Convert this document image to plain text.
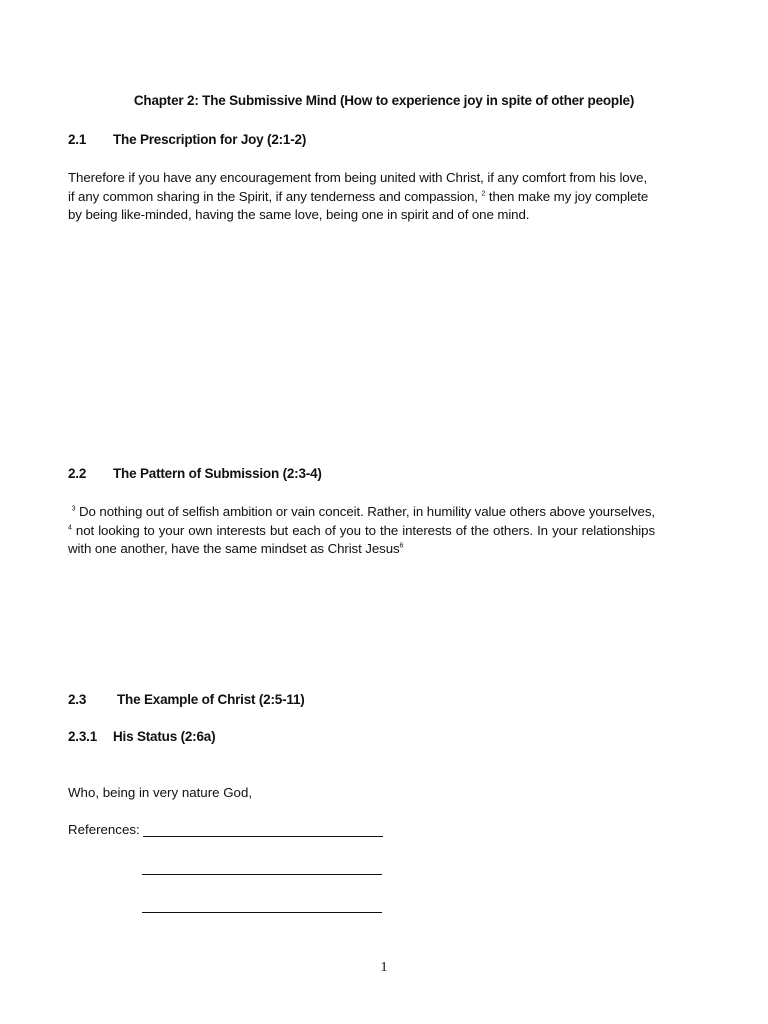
Chapter 2: The Submissive Mind (How to experience joy in spite of other people)
2.1 The Prescription for Joy (2:1-2)
Therefore if you have any encouragement from being united with Christ, if any comfort from his love, if any common sharing in the Spirit, if any tenderness and compassion, $^2$ then make my joy complete by being like-minded, having the same love, being one in spirit and of one mind.
2.2 The Pattern of Submission (2:3-4)
$^3$ Do nothing out of selfish ambition or vain conceit. Rather, in humility value others above yourselves, $^4$ not looking to your own interests but each of you to the interests of the others. In your relationships with one another, have the same mindset as Christ Jesus$^6$
2.3 The Example of Christ (2:5-11)
2.3.1 His Status (2:6a)
Who, being in very nature God,
References:
1
